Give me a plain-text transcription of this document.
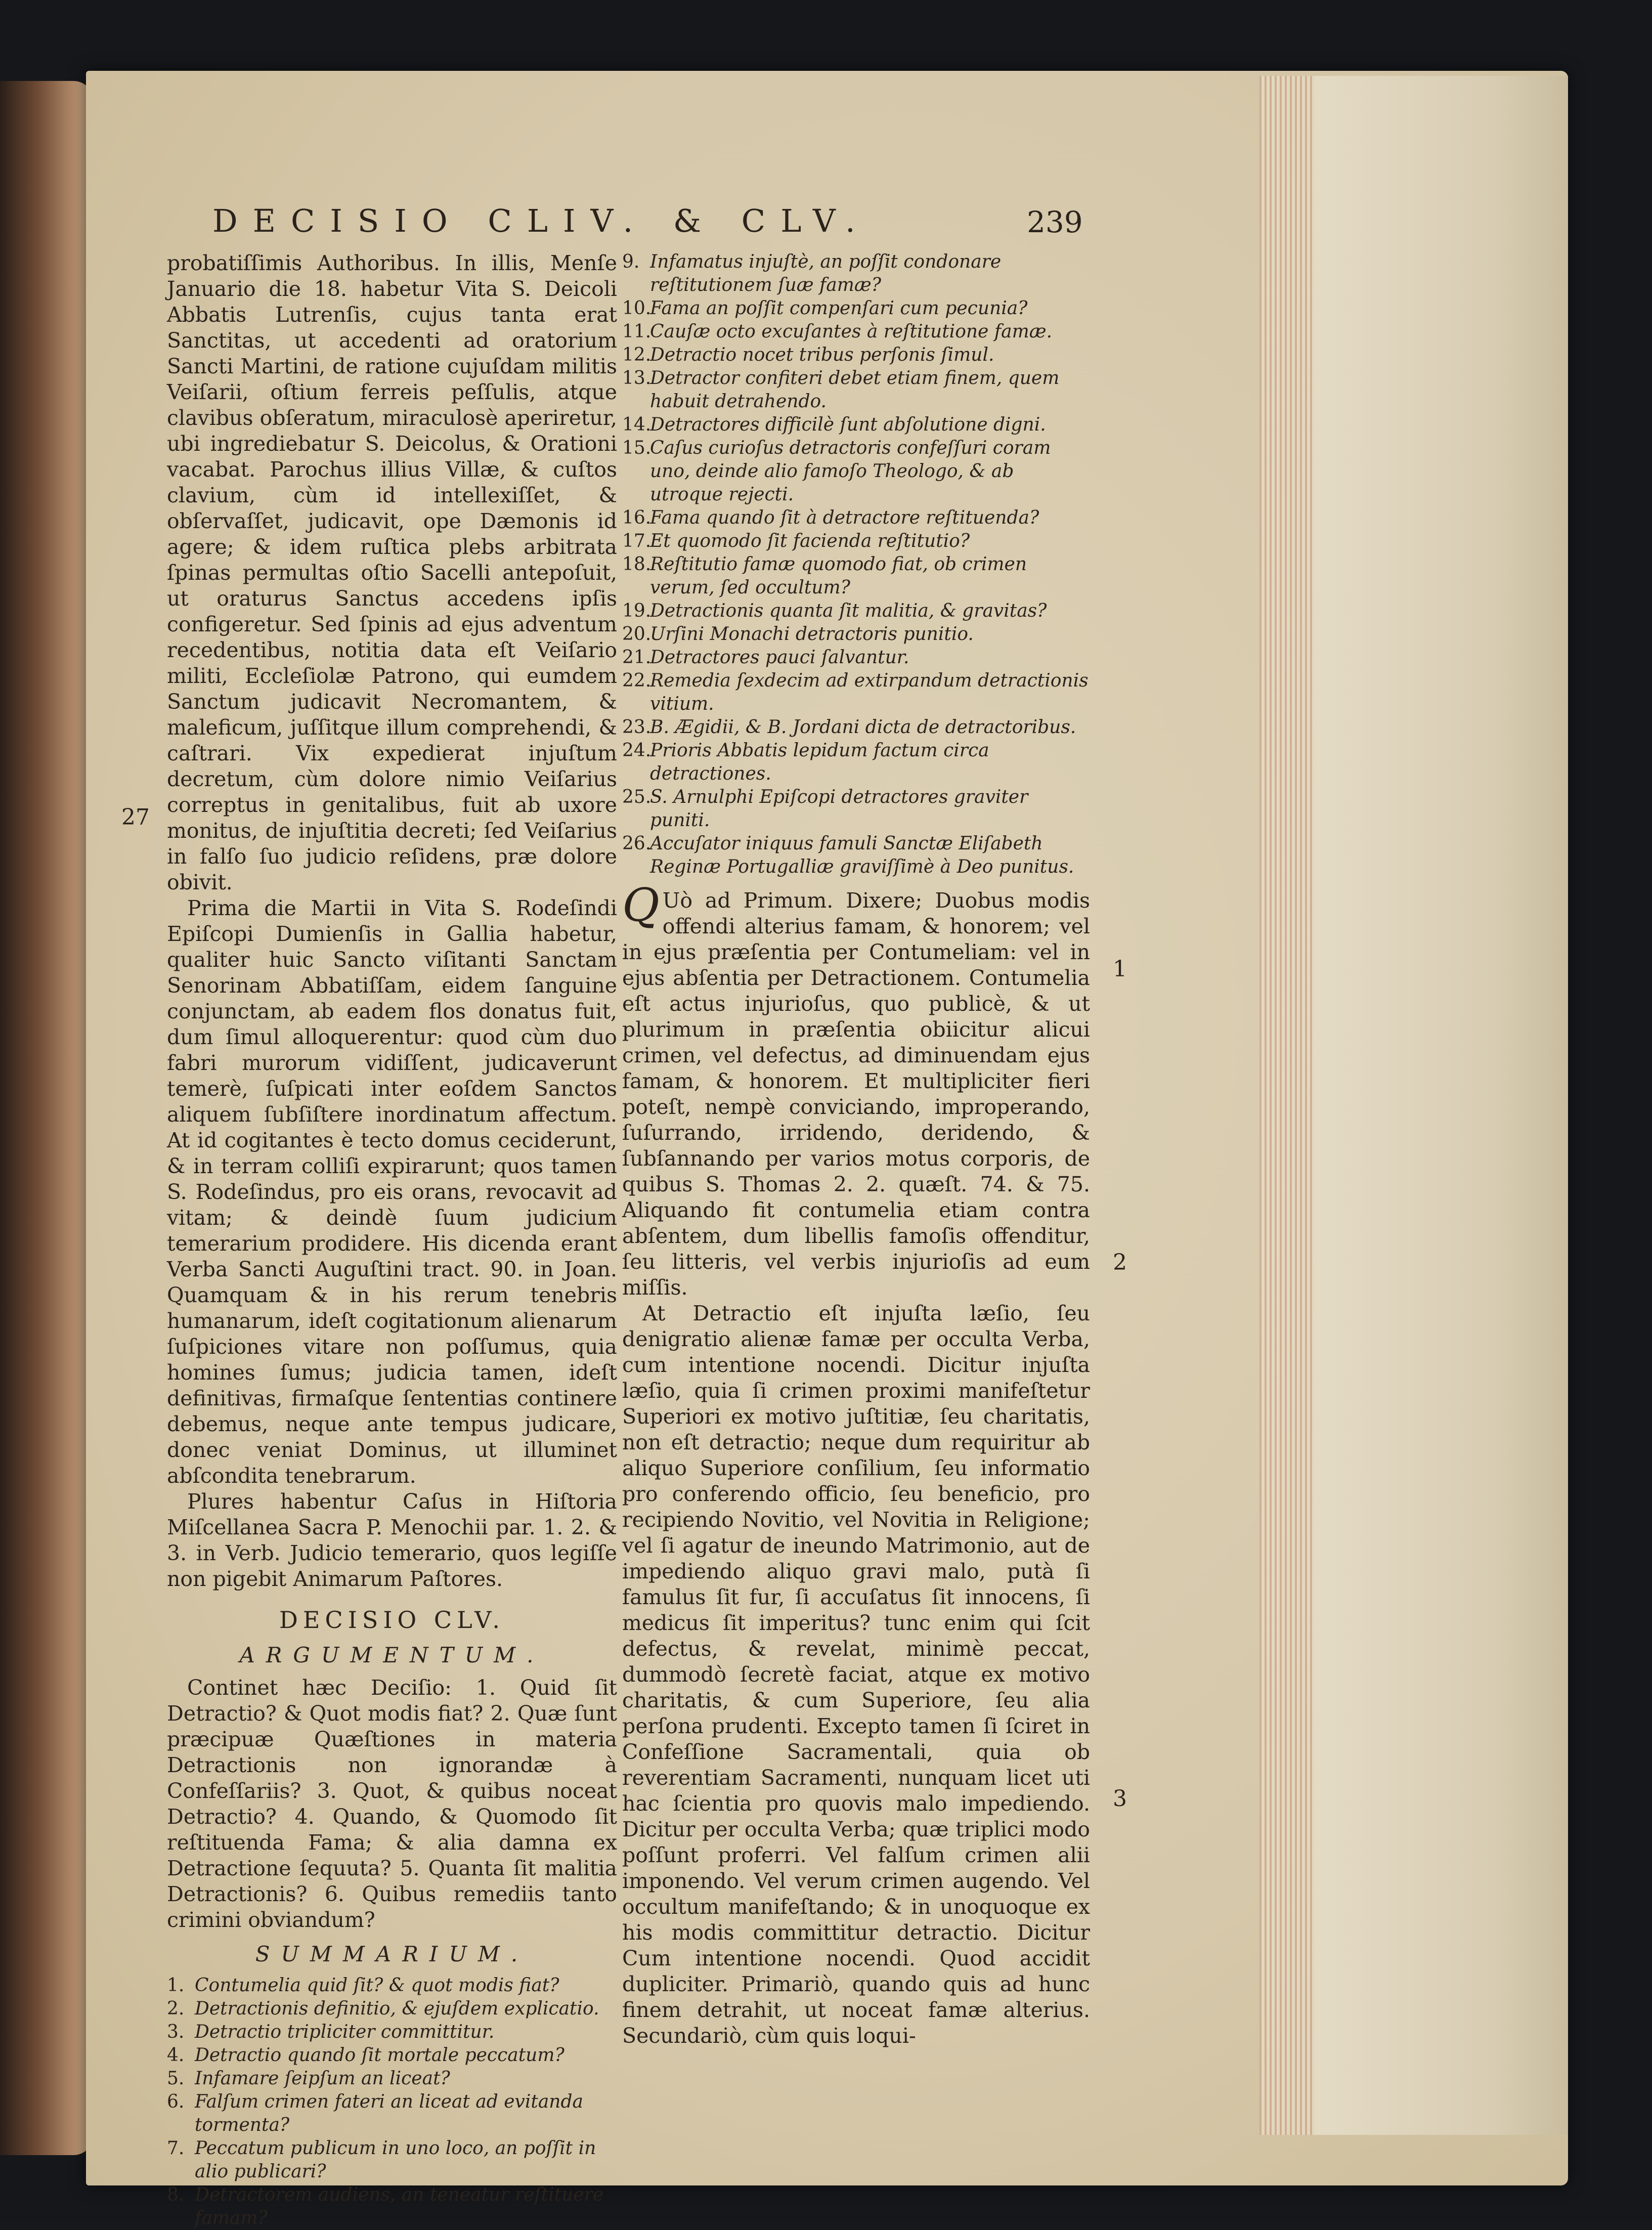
DECISIO CLIV. & CLV.	239

probatiſſimis Authoribus. In illis, Menſe Januario die 18. habetur Vita S. Deicoli Abbatis Lutrenſis, cujus tanta erat Sanctitas, ut accedenti ad oratorium Sancti Martini, de ratione cujuſdam militis Veiſarii, oſtium ferreis peſſulis, atque clavibus obſeratum, miraculosè aperiretur, ubi ingrediebatur S. Deicolus, & Orationi vacabat. Parochus illius Villæ, & cuſtos clavium, cùm id intellexiſſet, & obſervaſſet, judicavit, ope Dæmonis id agere; & idem ruſtica plebs arbitrata ſpinas permultas oſtio Sacelli antepoſuit, ut oraturus Sanctus accedens ipſis configeretur. Sed ſpinis ad ejus adventum recedentibus, notitia data eſt Veiſario militi, Eccleſiolæ Patrono, qui eumdem Sanctum judicavit Necromantem, & maleficum, juſſitque illum comprehendi, & caſtrari. Vix expedierat injuſtum decretum, cùm dolore nimio Veiſarius correptus in genitalibus, fuit ab uxore monitus, de injuſtitia decreti; ſed Veiſarius in falſo ſuo judicio reſidens, præ dolore obivit.

Prima die Martii in Vita S. Rodeſindi Epiſcopi Dumienſis in Gallia habetur, qualiter huic Sancto viſitanti Sanctam Senorinam Abbatiſſam, eidem ſanguine conjunctam, ab eadem flos donatus fuit, dum ſimul alloquerentur: quod cùm duo fabri murorum vidiſſent, judicaverunt temerè, ſuſpicati inter eoſdem Sanctos aliquem ſubſiſtere inordinatum affectum. At id cogitantes è tecto domus ceciderunt, & in terram colliſi expirarunt; quos tamen S. Rodeſindus, pro eis orans, revocavit ad vitam; & deindè ſuum judicium temerarium prodidere. His dicenda erant Verba Sancti Auguſtini tract. 90. in Joan. Quamquam & in his rerum tenebris humanarum, ideſt cogitationum alienarum ſuſpiciones vitare non poſſumus, quia homines ſumus; judicia tamen, ideſt definitivas, firmaſque ſententias continere debemus, neque ante tempus judicare, donec veniat Dominus, ut illuminet abſcondita tenebrarum.

Plures habentur Caſus in Hiſtoria Miſcellanea Sacra P. Menochii par. 1. 2. & 3. in Verb. Judicio temerario, quos legiſſe non pigebit Animarum Paſtores.

DECISIO CLV.
ARGUMENTUM.

Continet hæc Deciſio: 1. Quid ſit Detractio? & Quot modis fiat? 2. Quæ ſunt præcipuæ Quæſtiones in materia Detractionis non ignorandæ à Confeſſariis? 3. Quot, & quibus noceat Detractio? 4. Quando, & Quomodo ſit reſtituenda Fama; & alia damna ex Detractione ſequuta? 5. Quanta ſit malitia Detractionis? 6. Quibus remediis tanto crimini obviandum?

SUMMARIUM.

1. Contumelia quid ſit? & quot modis fiat?

2. Detractionis definitio, & ejuſdem explicatio.

3. Detractio tripliciter committitur.

4. Detractio quando ſit mortale peccatum?

5. Infamare ſeipſum an liceat?

6. Falſum crimen fateri an liceat ad evitanda tormenta?

7. Peccatum publicum in uno loco, an poſſit in alio publicari?

8. Detractorem audiens, an teneatur reſtituere famam?

27

9. Infamatus injuſtè, an poſſit condonare reſtitutionem ſuæ famæ?

10.Fama an poſſit compenſari cum pecunia?

11.Cauſæ octo excuſantes à reſtitutione famæ.

12.Detractio nocet tribus perſonis ſimul.

13.Detractor confiteri debet etiam finem, quem habuit detrahendo.

14.Detractores difficilè ſunt abſolutione digni.

15.Caſus curioſus detractoris confeſſuri coram uno, deinde alio famoſo Theologo, & ab utroque rejecti.

16.Fama quando ſit à detractore reſtituenda?

17.Et quomodo ſit facienda reſtitutio?

18.Reſtitutio famæ quomodo fiat, ob crimen verum, ſed occultum?

19.Detractionis quanta ſit malitia, & gravitas?

20.Urſini Monachi detractoris punitio.

21.Detractores pauci ſalvantur.

22.Remedia ſexdecim ad extirpandum detractionis vitium.

23.B. Ægidii, & B. Jordani dicta de detractoribus.

24.Prioris Abbatis lepidum factum circa detractiones.

25.S. Arnulphi Epiſcopi detractores graviter puniti.

26.Accuſator iniquus famuli Sanctæ Eliſabeth Reginæ Portugalliæ graviſſimè à Deo punitus.

Q Uò ad Primum. Dixere; Duobus modis offendi alterius famam, & honorem; vel in ejus præſentia per Contumeliam: vel in ejus abſentia per Detractionem. Contumelia eſt actus injurioſus, quo publicè, & ut plurimum in præſentia obiicitur alicui crimen, vel defectus, ad diminuendam ejus famam, & honorem. Et multipliciter fieri poteſt, nempè conviciando, improperando, ſuſurrando, irridendo, deridendo, & ſubſannando per varios motus corporis, de quibus S. Thomas 2. 2. quæſt. 74. & 75. Aliquando fit contumelia etiam contra abſentem, dum libellis famoſis offenditur, ſeu litteris, vel verbis injurioſis ad eum miſſis.

At Detractio eſt injuſta læſio, ſeu denigratio alienæ famæ per occulta Verba, cum intentione nocendi. Dicitur injuſta læſio, quia ſi crimen proximi manifeſtetur Superiori ex motivo juſtitiæ, ſeu charitatis, non eſt detractio; neque dum requiritur ab aliquo Superiore conſilium, ſeu informatio pro conferendo officio, ſeu beneficio, pro recipiendo Novitio, vel Novitia in Religione; vel ſi agatur de ineundo Matrimonio, aut de impediendo aliquo gravi malo, putà ſi famulus ſit fur, ſi accuſatus ſit innocens, ſi medicus ſit imperitus? tunc enim qui ſcit defectus, & revelat, minimè peccat, dummodò ſecretè faciat, atque ex motivo charitatis, & cum Superiore, ſeu alia perſona prudenti. Excepto tamen ſi ſciret in Confeſſione Sacramentali, quia ob reverentiam Sacramenti, nunquam licet uti hac ſcientia pro quovis malo impediendo. Dicitur per occulta Verba; quæ triplici modo poſſunt proferri. Vel falſum crimen alii imponendo. Vel verum crimen augendo. Vel occultum manifeſtando; & in unoquoque ex his modis committitur detractio. Dicitur Cum intentione nocendi. Quod accidit dupliciter. Primariò, quando quis ad hunc finem detrahit, ut noceat famæ alterius. Secundariò, cùm quis loqui-

1
2
3
